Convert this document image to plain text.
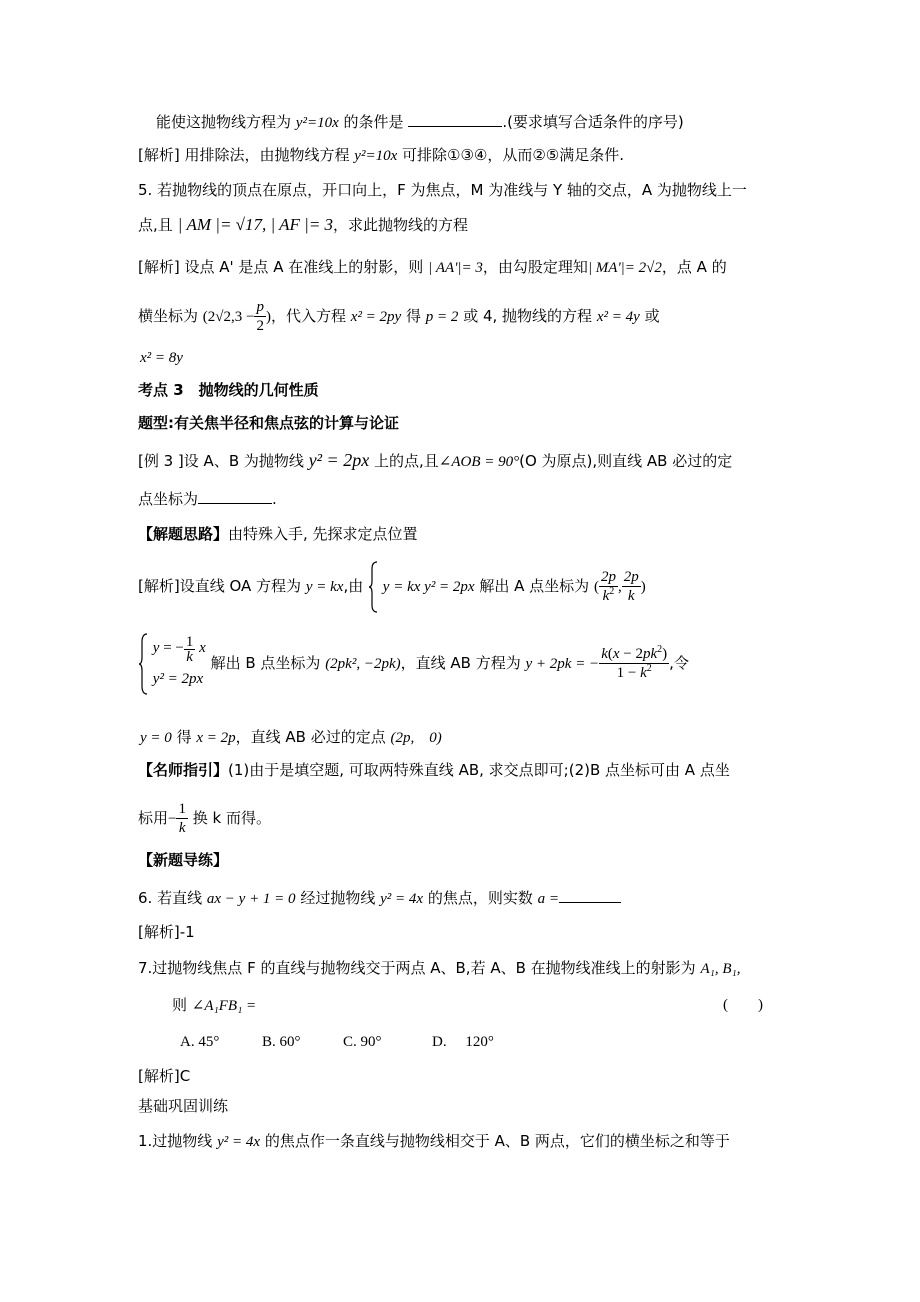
能使这抛物线方程为 y²=10x 的条件是	.(要求填写合适条件的序号)
[解析] 用排除法，由抛物线方程 y²=10x 可排除①③④，从而②⑤满足条件.
5. 若抛物线的顶点在原点，开口向上，F 为焦点，M 为准线与 Y 轴的交点，A 为抛物线上一
点,且 | AM |= √17, | AF |= 3，求此抛物线的方程
[解析] 设点 A' 是点 A 在准线上的射影，则 | AA'|= 3，由勾股定理知| MA'|= 2√2，点 A 的
横坐标为 ($2√2,3 - \frac{p}{2}$ )，代入方程 x² = 2py 得 p = 2 或 4, 抛物线的方程 x² = 4y 或
x² = 8y
考点 3　抛物线的几何性质
题型:有关焦半径和焦点弦的计算与论证
[例 3 ]设 A、B 为抛物线 y² = 2px 上的点,且∠AOB = 90°(O 为原点),则直线 AB 必过的定
点坐标为	.
【解题思路】由特殊入手, 先探求定点位置
[解析]设直线 OA 方程为 y = kx,由 y = kx y² = 2px 解出 A 点坐标为 ( $\frac{2p}{k^2}$ , $\frac{2p}{k}$ )

y = − $\frac{1}{k}$ x
y² = 2px 解出 B 点坐标为 (2pk², −2pk)，直线 AB 方程为 y + 2pk = − $\frac{k(x - 2pk^2)}{1 - k^2}$ ,令
y = 0 得 x = 2p，直线 AB 必过的定点 (2p,　0)
【名师指引】(1)由于是填空题, 可取两特殊直线 AB, 求交点即可;(2)B 点坐标可由 A 点坐
标用− $\frac{1}{k}$ 换 k 而得。
【新题导练】
6. 若直线 ax − y + 1 = 0 经过抛物线 y² = 4x 的焦点，则实数 a =
[解析]-1
7.过抛物线焦点 F 的直线与抛物线交于两点 A、B,若 A、B 在抛物线准线上的射影为 A₁, B₁,
则 ∠A₁FB₁ =	(　　)
A. 45°	B. 60°	C. 90°	D.　 120°
[解析]C
基础巩固训练
1.过抛物线 y² = 4x 的焦点作一条直线与抛物线相交于 A、B 两点，它们的横坐标之和等于
